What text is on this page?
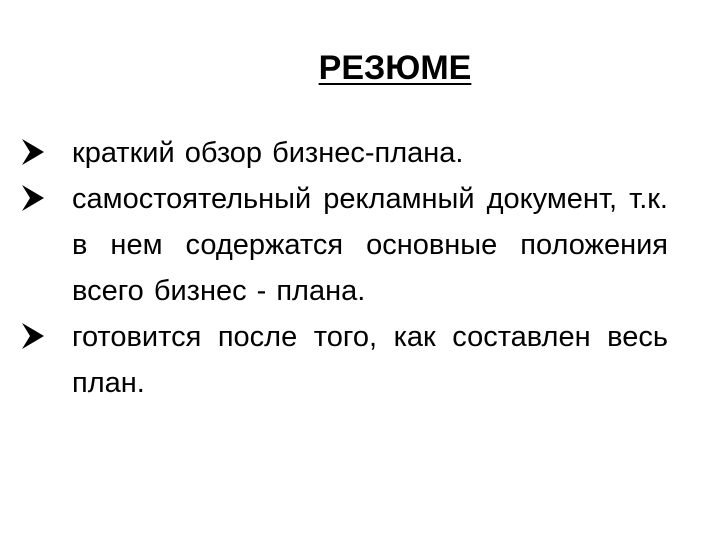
РЕЗЮМЕ
краткий обзор бизнес-плана.
самостоятельный рекламный документ, т.к. в нем содержатся основные положения всего бизнес - плана.
готовится после того, как составлен весь план.
